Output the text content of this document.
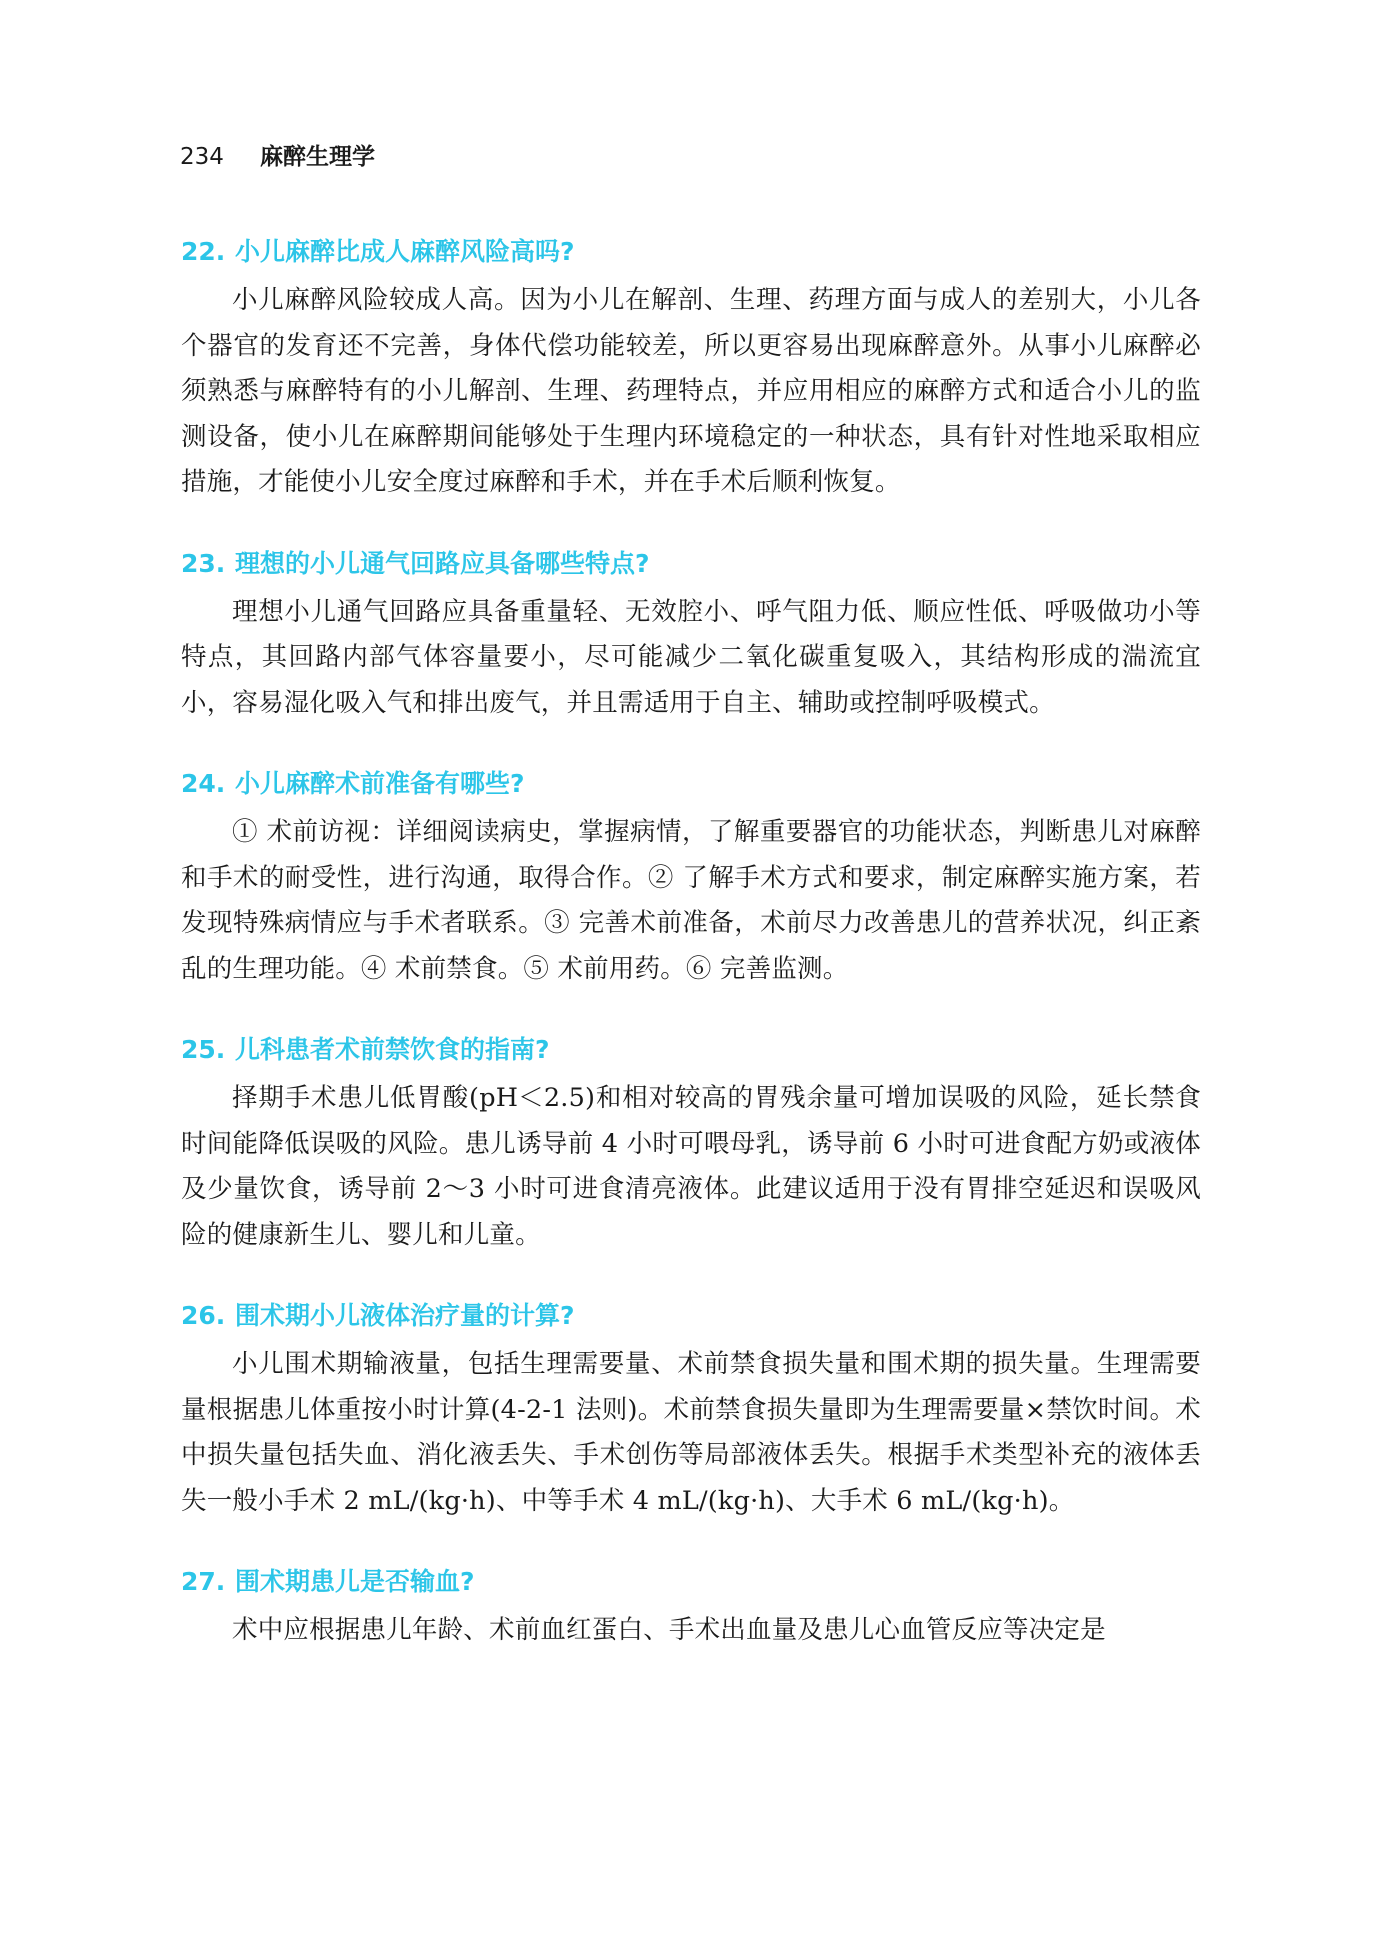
234 麻醉生理学
22. 小儿麻醉比成人麻醉风险高吗?

小儿麻醉风险较成人高。因为小儿在解剖、生理、药理方面与成人的差别大，小儿各个器官的发育还不完善，身体代偿功能较差，所以更容易出现麻醉意外。从事小儿麻醉必须熟悉与麻醉特有的小儿解剖、生理、药理特点，并应用相应的麻醉方式和适合小儿的监测设备，使小儿在麻醉期间能够处于生理内环境稳定的一种状态，具有针对性地采取相应措施，才能使小儿安全度过麻醉和手术，并在手术后顺利恢复。

23. 理想的小儿通气回路应具备哪些特点?

理想小儿通气回路应具备重量轻、无效腔小、呼气阻力低、顺应性低、呼吸做功小等特点，其回路内部气体容量要小，尽可能减少二氧化碳重复吸入，其结构形成的湍流宜小，容易湿化吸入气和排出废气，并且需适用于自主、辅助或控制呼吸模式。

24. 小儿麻醉术前准备有哪些?

① 术前访视：详细阅读病史，掌握病情，了解重要器官的功能状态，判断患儿对麻醉和手术的耐受性，进行沟通，取得合作。② 了解手术方式和要求，制定麻醉实施方案，若发现特殊病情应与手术者联系。③ 完善术前准备，术前尽力改善患儿的营养状况，纠正紊乱的生理功能。④ 术前禁食。⑤ 术前用药。⑥ 完善监测。

25. 儿科患者术前禁饮食的指南?

择期手术患儿低胃酸(pH＜2.5)和相对较高的胃残余量可增加误吸的风险，延长禁食时间能降低误吸的风险。患儿诱导前 4 小时可喂母乳，诱导前 6 小时可进食配方奶或液体及少量饮食，诱导前 2～3 小时可进食清亮液体。此建议适用于没有胃排空延迟和误吸风险的健康新生儿、婴儿和儿童。

26. 围术期小儿液体治疗量的计算?

小儿围术期输液量，包括生理需要量、术前禁食损失量和围术期的损失量。生理需要量根据患儿体重按小时计算(4-2-1 法则)。术前禁食损失量即为生理需要量×禁饮时间。术中损失量包括失血、消化液丢失、手术创伤等局部液体丢失。根据手术类型补充的液体丢失一般小手术 2 mL/(kg·h)、中等手术 4 mL/(kg·h)、大手术 6 mL/(kg·h)。

27. 围术期患儿是否输血?

术中应根据患儿年龄、术前血红蛋白、手术出血量及患儿心血管反应等决定是
